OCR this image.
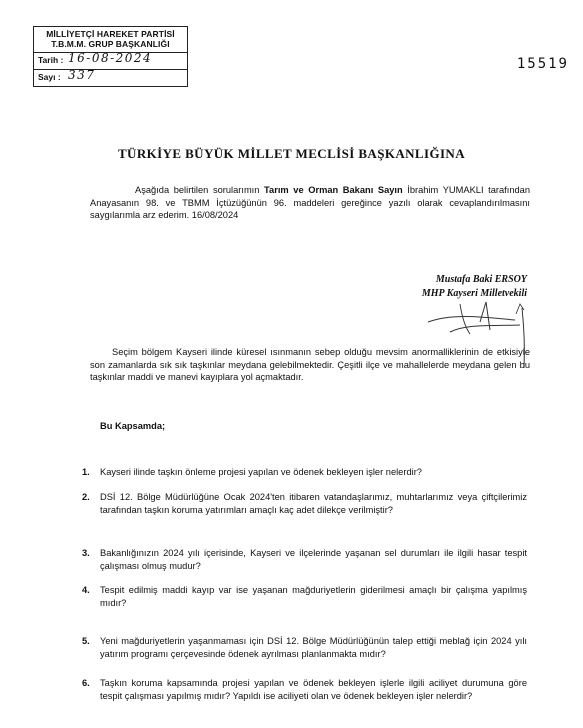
MİLLİYETÇİ HAREKET PARTİSİ
T.B.M.M. GRUP BAŞKANLIĞI
Tarih : 16-08-2024
Sayı : 337
15519
TÜRKİYE BÜYÜK MİLLET MECLİSİ BAŞKANLIĞINA
Aşağıda belirtilen sorularımın Tarım ve Orman Bakanı Sayın İbrahim YUMAKLI tarafından Anayasanın 98. ve TBMM İçtüzüğünün 96. maddeleri gereğince yazılı olarak cevaplandırılmasını saygılarımla arz ederim. 16/08/2024
Mustafa Baki ERSOY
MHP Kayseri Milletvekili
Seçim bölgem Kayseri ilinde küresel ısınmanın sebep olduğu mevsim anormalliklerinin de etkisiyle son zamanlarda sık sık taşkınlar meydana gelebilmektedir. Çeşitli ilçe ve mahallelerde meydana gelen bu taşkınlar maddi ve manevi kayıplara yol açmaktadır.
Bu Kapsamda;
1. Kayseri ilinde taşkın önleme projesi yapılan ve ödenek bekleyen işler nelerdir?
2. DSİ 12. Bölge Müdürlüğüne Ocak 2024'ten itibaren vatandaşlarımız, muhtarlarımız veya çiftçilerimiz tarafından taşkın koruma yatırımları amaçlı kaç adet dilekçe verilmiştir?
3. Bakanlığınızın 2024 yılı içerisinde, Kayseri ve ilçelerinde yaşanan sel durumları ile ilgili hasar tespit çalışması olmuş mudur?
4. Tespit edilmiş maddi kayıp var ise yaşanan mağduriyetlerin giderilmesi amaçlı bir çalışma yapılmış mıdır?
5. Yeni mağduriyetlerin yaşanmaması için DSİ 12. Bölge Müdürlüğünün talep ettiği meblağ için 2024 yılı yatırım programı çerçevesinde ödenek ayrılması planlanmakta mıdır?
6. Taşkın koruma kapsamında projesi yapılan ve ödenek bekleyen işlerle ilgili aciliyet durumuna göre tespit çalışması yapılmış mıdır? Yapıldı ise aciliyeti olan ve ödenek bekleyen işler nelerdir?
